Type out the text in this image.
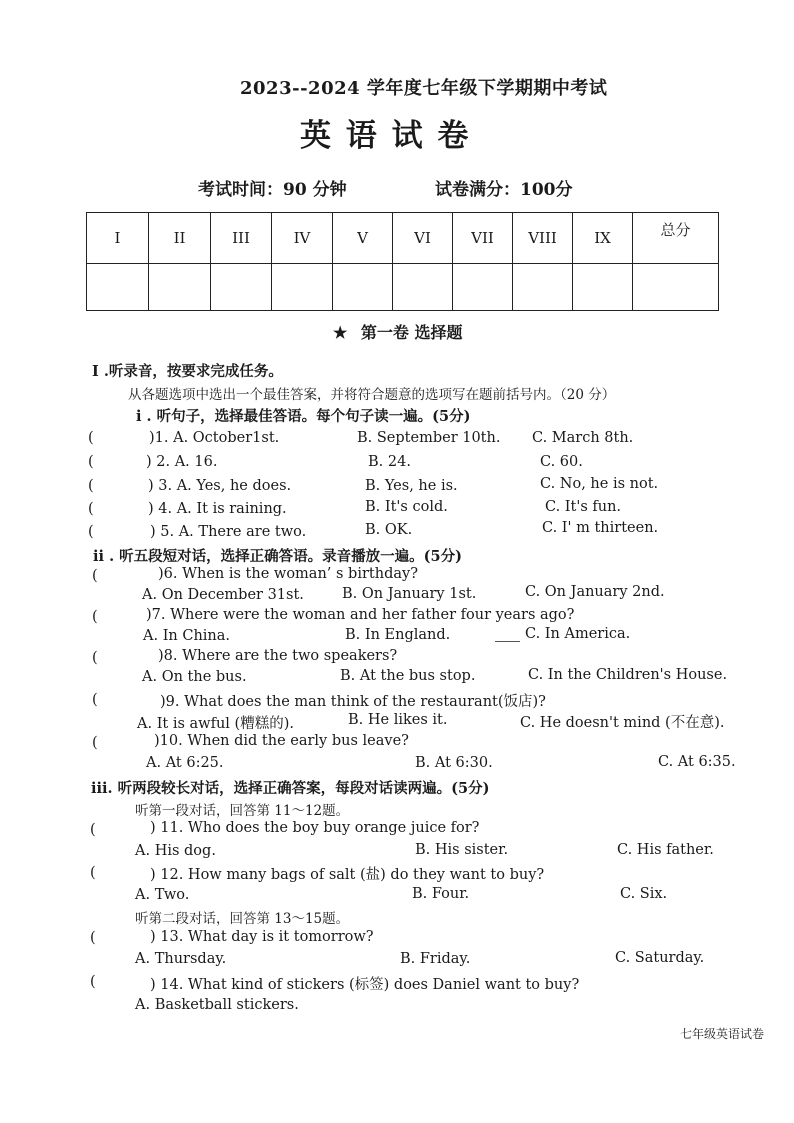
2023--2024 学年度七年级下学期期中考试
英 语 试 卷
考试时间：90 分钟	试卷满分：100分
I	II	III	IV	V	VI	VII	VIII	IX	总分

★ 第一卷 选择题
I .听录音，按要求完成任务。
从各题选项中选出一个最佳答案，并将符合题意的选项写在题前括号内。（20 分）
i . 听句子，选择最佳答语。每个句子读一遍。(5分)
(	)1. A. October1st.	B. September 10th. C. March 8th.
(	) 2. A. 16.	B. 24.	C. 60.
(	) 3. A. Yes, he does.	B. Yes, he is.	C. No, he is not.
(	) 4. A. It is raining.	B. It's cold.	C. It's fun.
(	) 5. A. There are two.	B. OK.	C. I' m thirteen.
ii . 听五段短对话，选择正确答语。录音播放一遍。(5分)
(	)6. When is the woman’ s birthday?
A. On December 31st.	B. On January 1st.	C. On January 2nd.
(	)7. Where were the woman and her father four years ago?
A. In China.	B. In England.	C. In America.
(	)8. Where are the two speakers?
A. On the bus.	B. At the bus stop.	C. In the Children's House.
(	)9. What does the man think of the restaurant(饭店)?
A. It is awful (糟糕的).	B. He likes it.	C. He doesn't mind (不在意).
(	)10. When did the early bus leave?
A. At 6:25.	B. At 6:30.	C. At 6:35.
iii. 听两段较长对话，选择正确答案，每段对话读两遍。(5分)
听第一段对话，回答第 11～12题。
(	) 11. Who does the boy buy orange juice for?
A. His dog.	B. His sister.	C. His father.
(	) 12. How many bags of salt (盐) do they want to buy?
A. Two.	B. Four.	C. Six.
听第二段对话，回答第 13～15题。
(	) 13. What day is it tomorrow?
A. Thursday.	B. Friday.	C. Saturday.
(	) 14. What kind of stickers (标签) does Daniel want to buy?
A. Basketball stickers.
七年级英语试卷
